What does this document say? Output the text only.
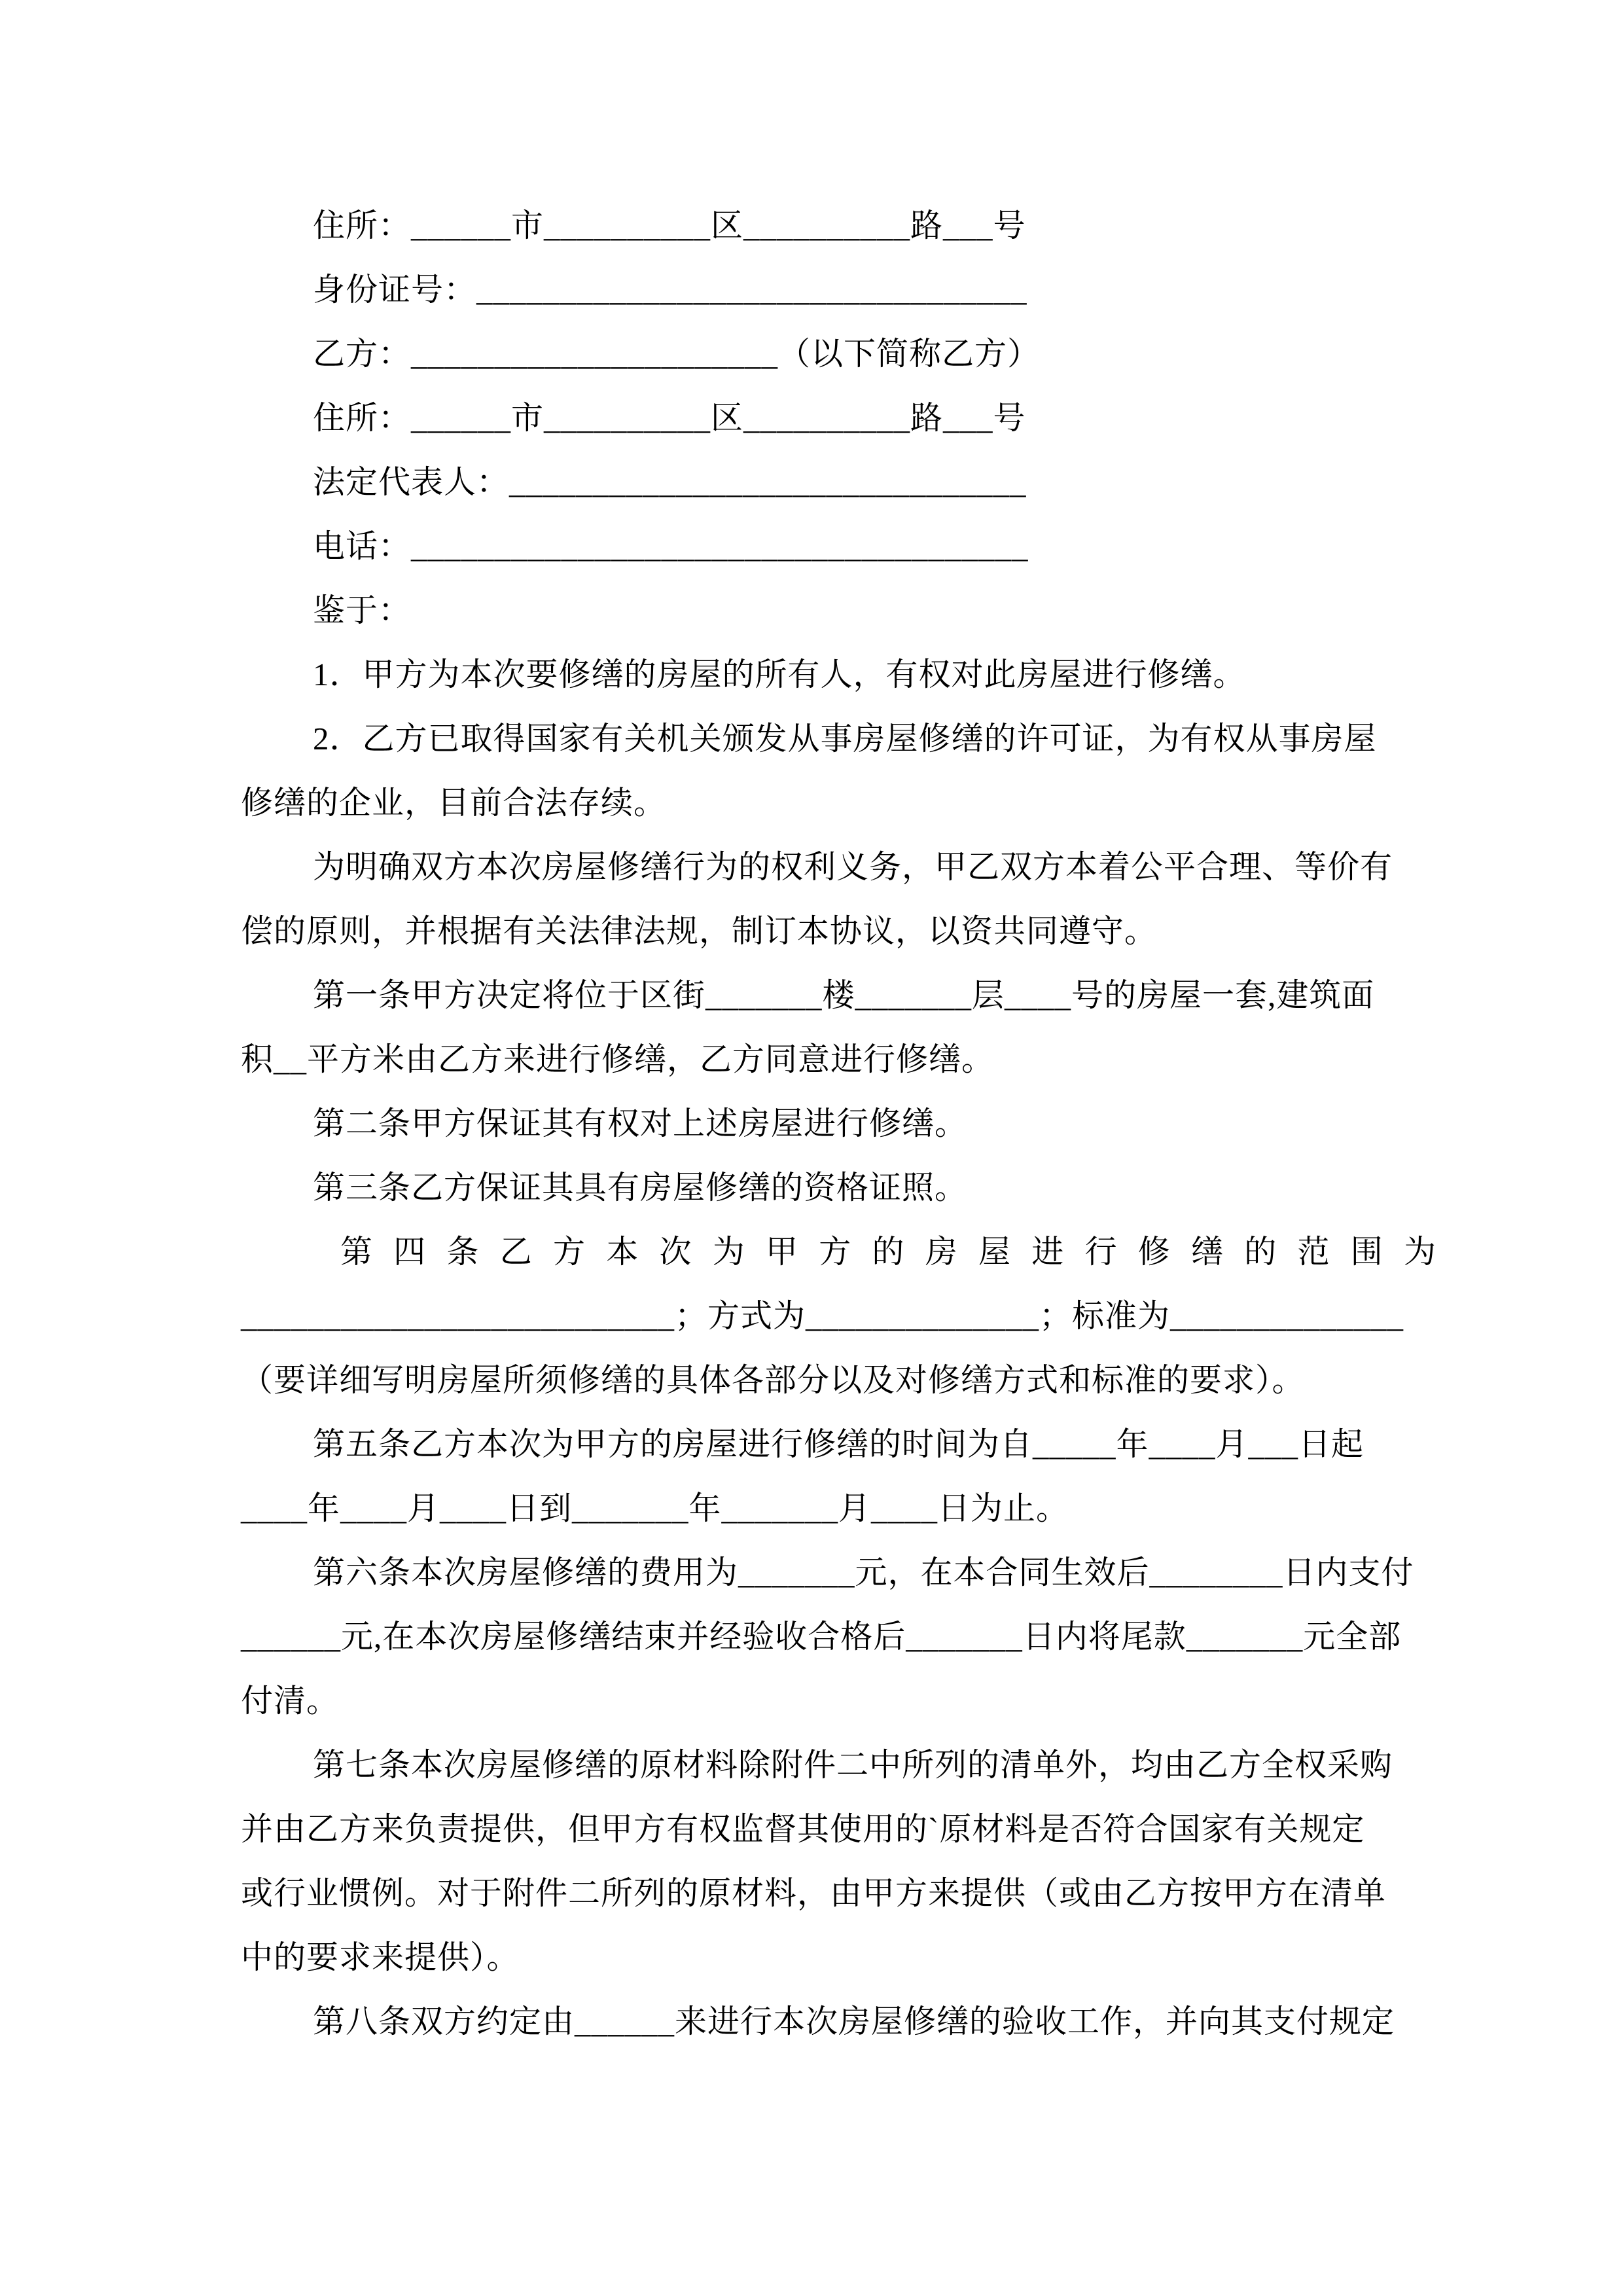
住所：______市__________区__________路___号

身份证号：_________________________________

乙方：______________________（以下简称乙方）

住所：______市__________区__________路___号

法定代表人：_______________________________

电话：_____________________________________

鉴于：

1．甲方为本次要修缮的房屋的所有人，有权对此房屋进行修缮。

2．乙方已取得国家有关机关颁发从事房屋修缮的许可证，为有权从事房屋

修缮的企业，目前合法存续。

为明确双方本次房屋修缮行为的权利义务，甲乙双方本着公平合理、等价有

偿的原则，并根据有关法律法规，制订本协议，以资共同遵守。

第一条甲方决定将位于区街_______楼_______层____号的房屋一套,建筑面

积__平方米由乙方来进行修缮，乙方同意进行修缮。

第二条甲方保证其有权对上述房屋进行修缮。

第三条乙方保证其具有房屋修缮的资格证照。

第 四 条 乙 方 本 次 为 甲 方 的 房 屋 进 行 修 缮 的 范 围 为

__________________________；方式为______________；标准为______________

（要详细写明房屋所须修缮的具体各部分以及对修缮方式和标准的要求）。

第五条乙方本次为甲方的房屋进行修缮的时间为自_____年____月___日起

____年____月____日到_______年_______月____日为止。

第六条本次房屋修缮的费用为_______元，在本合同生效后________日内支付

______元,在本次房屋修缮结束并经验收合格后_______日内将尾款_______元全部

付清。

第七条本次房屋修缮的原材料除附件二中所列的清单外，均由乙方全权采购

并由乙方来负责提供，但甲方有权监督其使用的`原材料是否符合国家有关规定

或行业惯例。对于附件二所列的原材料，由甲方来提供（或由乙方按甲方在清单

中的要求来提供）。

第八条双方约定由______来进行本次房屋修缮的验收工作，并向其支付规定
